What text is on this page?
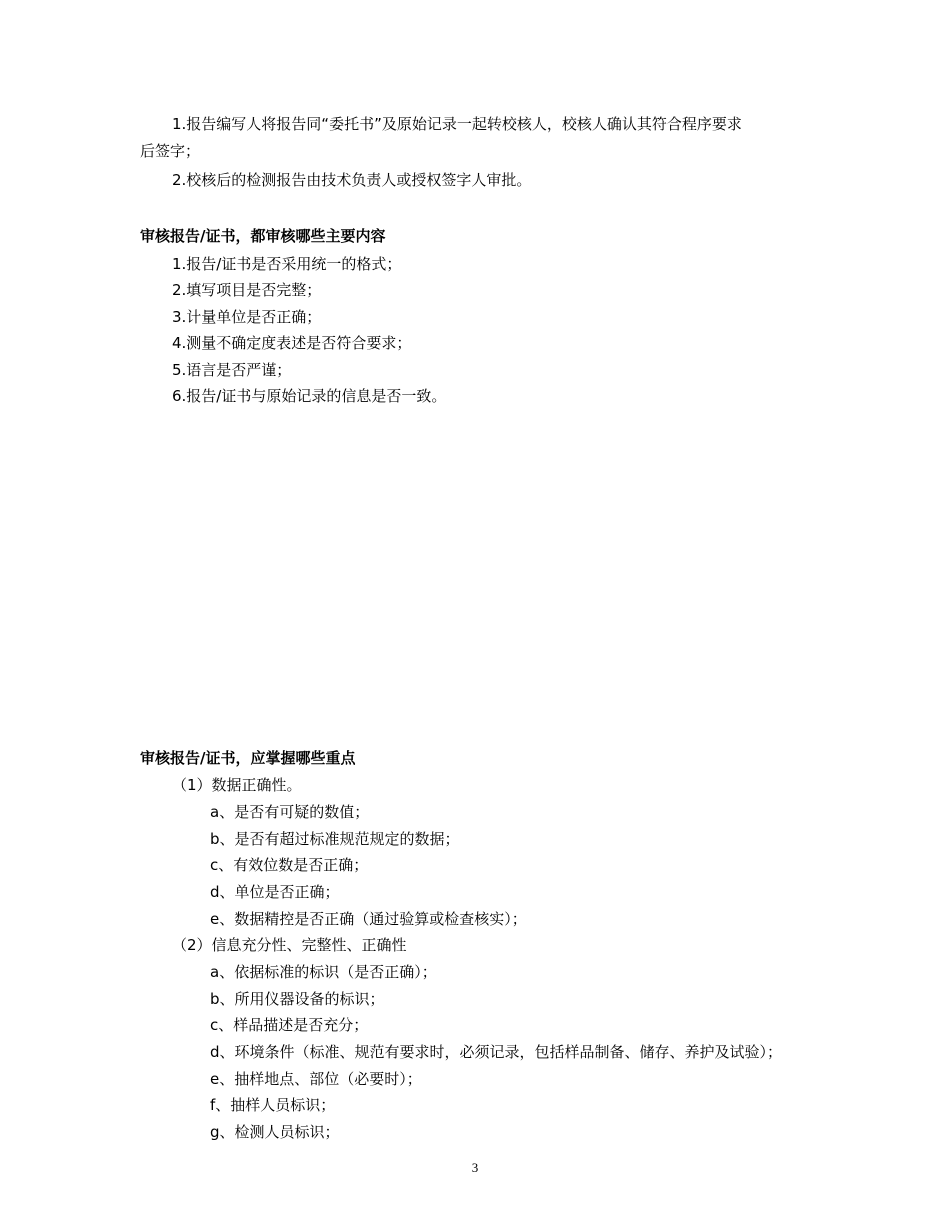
1.报告编写人将报告同“委托书”及原始记录一起转校核人，校核人确认其符合程序要求
后签字；
2.校核后的检测报告由技术负责人或授权签字人审批。
审核报告/证书，都审核哪些主要内容
1.报告/证书是否采用统一的格式；
2.填写项目是否完整；
3.计量单位是否正确；
4.测量不确定度表述是否符合要求；
5.语言是否严谨；
6.报告/证书与原始记录的信息是否一致。
审核报告/证书，应掌握哪些重点
（1）数据正确性。
a、是否有可疑的数值；
b、是否有超过标准规范规定的数据；
c、有效位数是否正确；
d、单位是否正确；
e、数据精控是否正确（通过验算或检查核实）；
（2）信息充分性、完整性、正确性
a、依据标准的标识（是否正确）；
b、所用仪器设备的标识；
c、样品描述是否充分；
d、环境条件（标准、规范有要求时，必须记录，包括样品制备、储存、养护及试验）；
e、抽样地点、部位（必要时）；
f、抽样人员标识；
g、检测人员标识；
3
